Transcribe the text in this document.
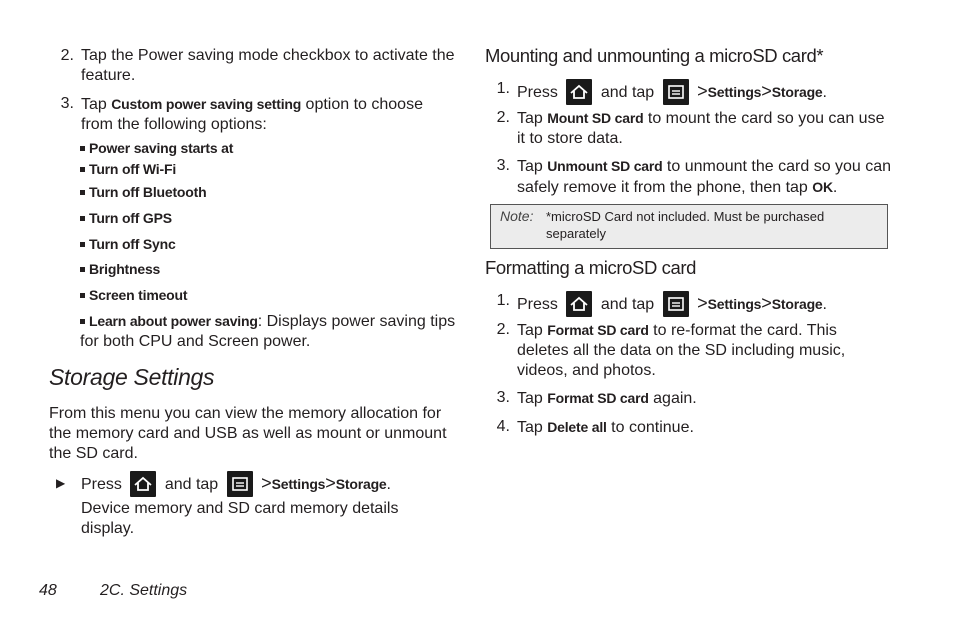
2. Tap the Power saving mode checkbox to activate the feature.
3. Tap Custom power saving setting option to choose from the following options:
Power saving starts at
Turn off Wi-Fi
Turn off Bluetooth
Turn off GPS
Turn off Sync
Brightness
Screen timeout
Learn about power saving: Displays power saving tips for both CPU and Screen power.
Storage Settings
From this menu you can view the memory allocation for the memory card and USB as well as mount or unmount the SD card.
▶ Press	and tap >Settings>Storage.
Device memory and SD card memory details display.
Mounting and unmounting a microSD card*
1. Press	and tap >Settings>Storage.
2. Tap Mount SD card to mount the card so you can use it to store data.
3. Tap Unmount SD card to unmount the card so you can safely remove it from the phone, then tap OK.
Note: *microSD Card not included. Must be purchased separately
Formatting a microSD card
1. Press	and tap >Settings>Storage.
2. Tap Format SD card to re-format the card. This deletes all the data on the SD including music, videos, and photos.
3. Tap Format SD card again.
4. Tap Delete all to continue.
48	2C. Settings
